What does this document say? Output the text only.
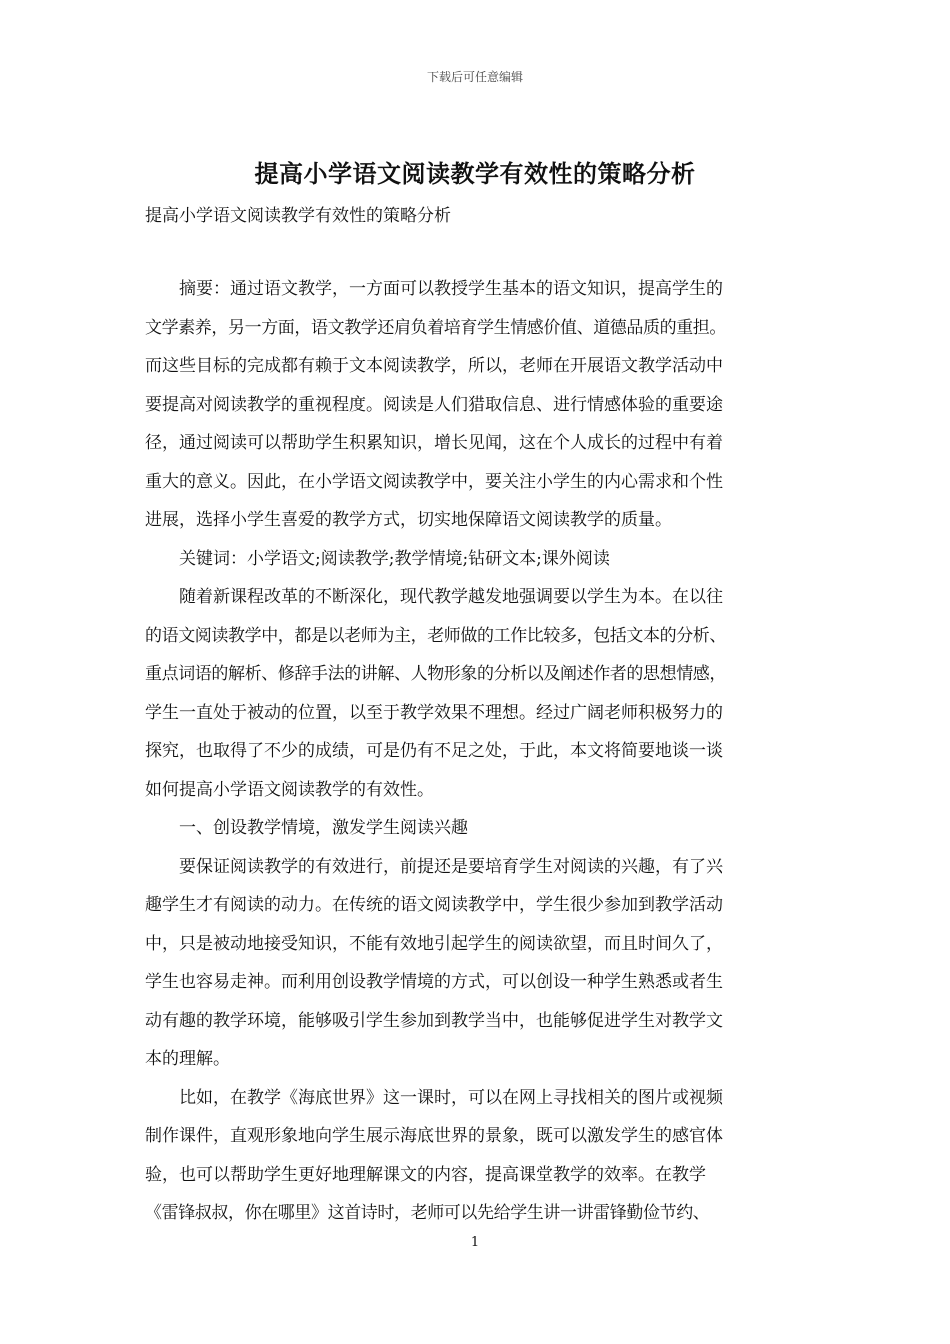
下载后可任意编辑
提高小学语文阅读教学有效性的策略分析
提高小学语文阅读教学有效性的策略分析
　　摘要：通过语文教学，一方面可以教授学生基本的语文知识，提高学生的
文学素养，另一方面，语文教学还肩负着培育学生情感价值、道德品质的重担。
而这些目标的完成都有赖于文本阅读教学，所以，老师在开展语文教学活动中
要提高对阅读教学的重视程度。阅读是人们猎取信息、进行情感体验的重要途
径，通过阅读可以帮助学生积累知识，增长见闻，这在个人成长的过程中有着
重大的意义。因此，在小学语文阅读教学中，要关注小学生的内心需求和个性
进展，选择小学生喜爱的教学方式，切实地保障语文阅读教学的质量。
　　关键词：小学语文;阅读教学;教学情境;钻研文本;课外阅读
　　随着新课程改革的不断深化，现代教学越发地强调要以学生为本。在以往
的语文阅读教学中，都是以老师为主，老师做的工作比较多，包括文本的分析、
重点词语的解析、修辞手法的讲解、人物形象的分析以及阐述作者的思想情感，
学生一直处于被动的位置，以至于教学效果不理想。经过广阔老师积极努力的
探究，也取得了不少的成绩，可是仍有不足之处，于此，本文将简要地谈一谈
如何提高小学语文阅读教学的有效性。
　　一、创设教学情境，激发学生阅读兴趣
　　要保证阅读教学的有效进行，前提还是要培育学生对阅读的兴趣，有了兴
趣学生才有阅读的动力。在传统的语文阅读教学中，学生很少参加到教学活动
中，只是被动地接受知识，不能有效地引起学生的阅读欲望，而且时间久了，
学生也容易走神。而利用创设教学情境的方式，可以创设一种学生熟悉或者生
动有趣的教学环境，能够吸引学生参加到教学当中，也能够促进学生对教学文
本的理解。
　　比如，在教学《海底世界》这一课时，可以在网上寻找相关的图片或视频
制作课件，直观形象地向学生展示海底世界的景象，既可以激发学生的感官体
验，也可以帮助学生更好地理解课文的内容，提高课堂教学的效率。在教学
《雷锋叔叔，你在哪里》这首诗时，老师可以先给学生讲一讲雷锋勤俭节约、
1
